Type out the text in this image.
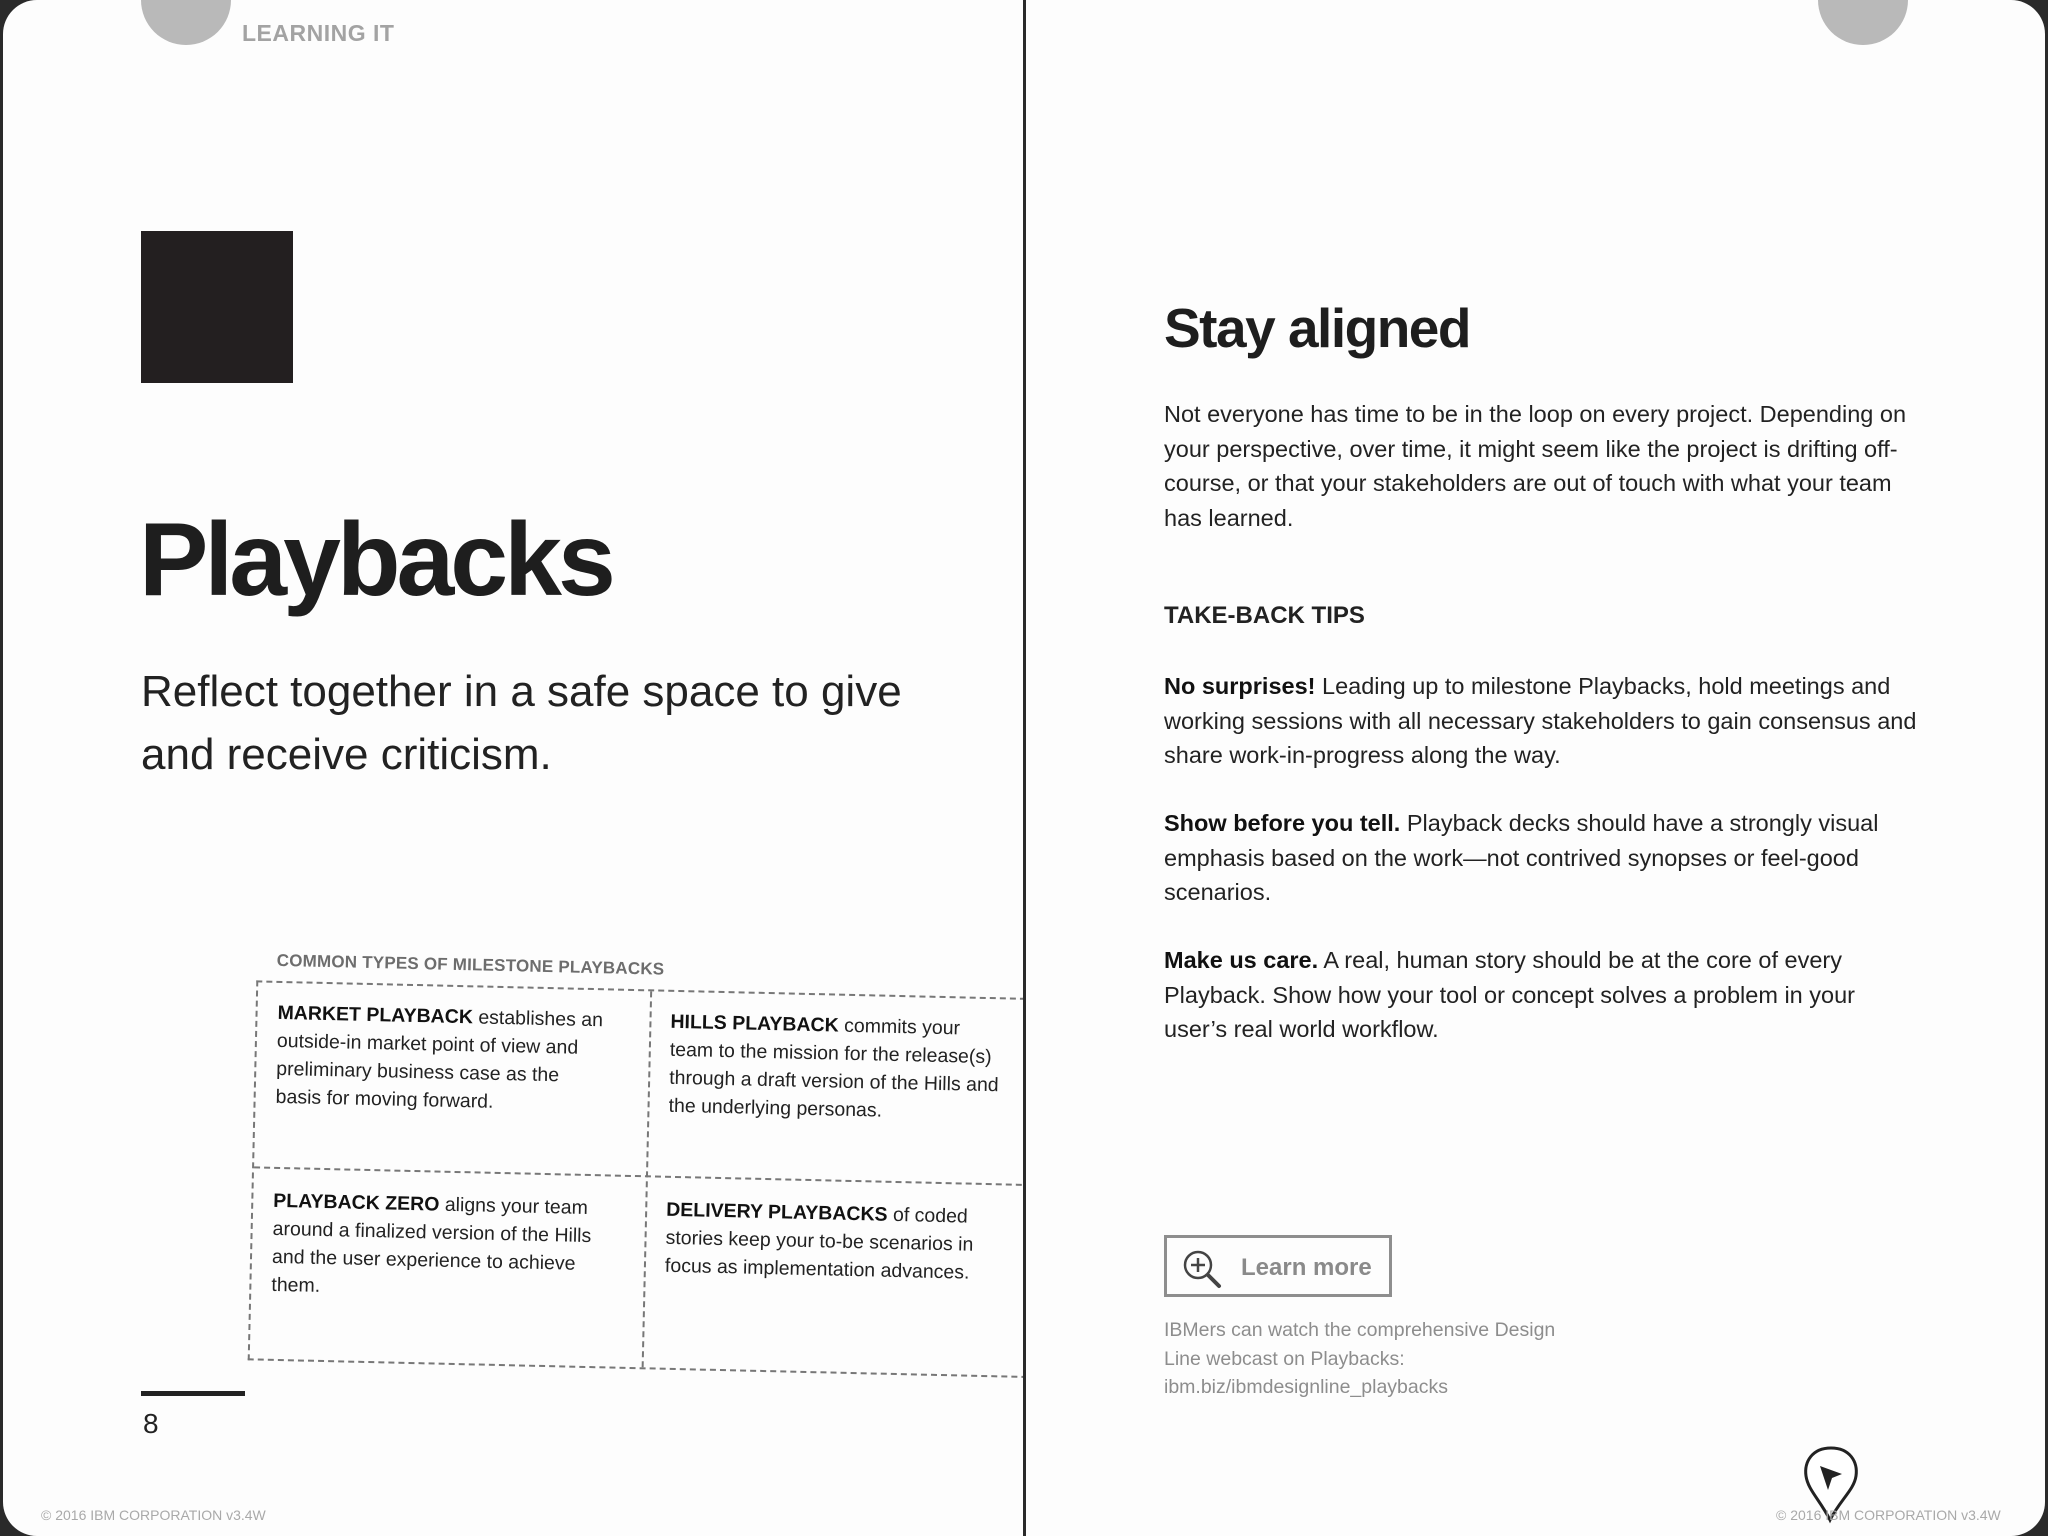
LEARNING IT
Playbacks

Reflect together in a safe space to give and receive criticism.

COMMON TYPES OF MILESTONE PLAYBACKS
MARKET PLAYBACK establishes an outside-in market point of view and preliminary business case as the basis for moving forward.
HILLS PLAYBACK commits your team to the mission for the release(s) through a draft version of the Hills and the underlying personas.
PLAYBACK ZERO aligns your team around a finalized version of the Hills and the user experience to achieve them.
DELIVERY PLAYBACKS of coded stories keep your to-be scenarios in focus as implementation advances.
8
© 2016 IBM CORPORATION v3.4W
Stay aligned

Not everyone has time to be in the loop on every project. Depending on your perspective, over time, it might seem like the project is drifting off-course, or that your stakeholders are out of touch with what your team has learned.

TAKE-BACK TIPS

No surprises! Leading up to milestone Playbacks, hold meetings and working sessions with all necessary stakeholders to gain consensus and share work-in-progress along the way.

Show before you tell. Playback decks should have a strongly visual emphasis based on the work—not contrived synopses or feel-good scenarios.

Make us care. A real, human story should be at the core of every Playback. Show how your tool or concept solves a problem in your user’s real world workflow.

Learn more
IBMers can watch the comprehensive Design Line webcast on Playbacks: ibm.biz/ibmdesignline_playbacks
© 2016 IBM CORPORATION v3.4W
